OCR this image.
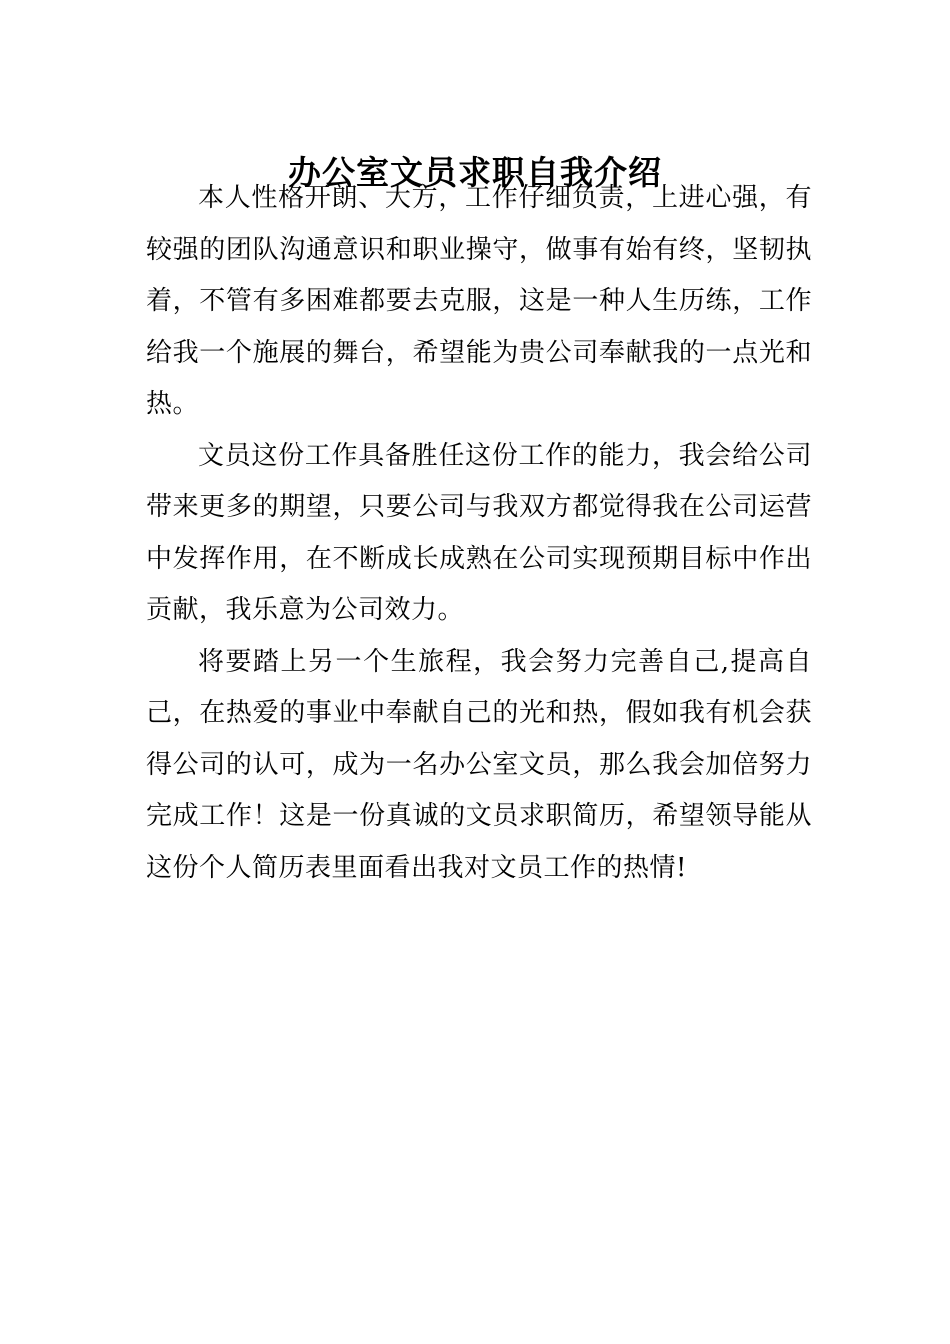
办公室文员求职自我介绍

本人性格开朗、大方，工作仔细负责，上进心强，有较强的团队沟通意识和职业操守，做事有始有终，坚韧执着，不管有多困难都要去克服，这是一种人生历练，工作给我一个施展的舞台，希望能为贵公司奉献我的一点光和热。

文员这份工作具备胜任这份工作的能力，我会给公司带来更多的期望，只要公司与我双方都觉得我在公司运营中发挥作用，在不断成长成熟在公司实现预期目标中作出贡献，我乐意为公司效力。

将要踏上另一个生旅程，我会努力完善自己,提高自己，在热爱的事业中奉献自己的光和热，假如我有机会获得公司的认可，成为一名办公室文员，那么我会加倍努力完成工作！这是一份真诚的文员求职简历，希望领导能从这份个人简历表里面看出我对文员工作的热情!
